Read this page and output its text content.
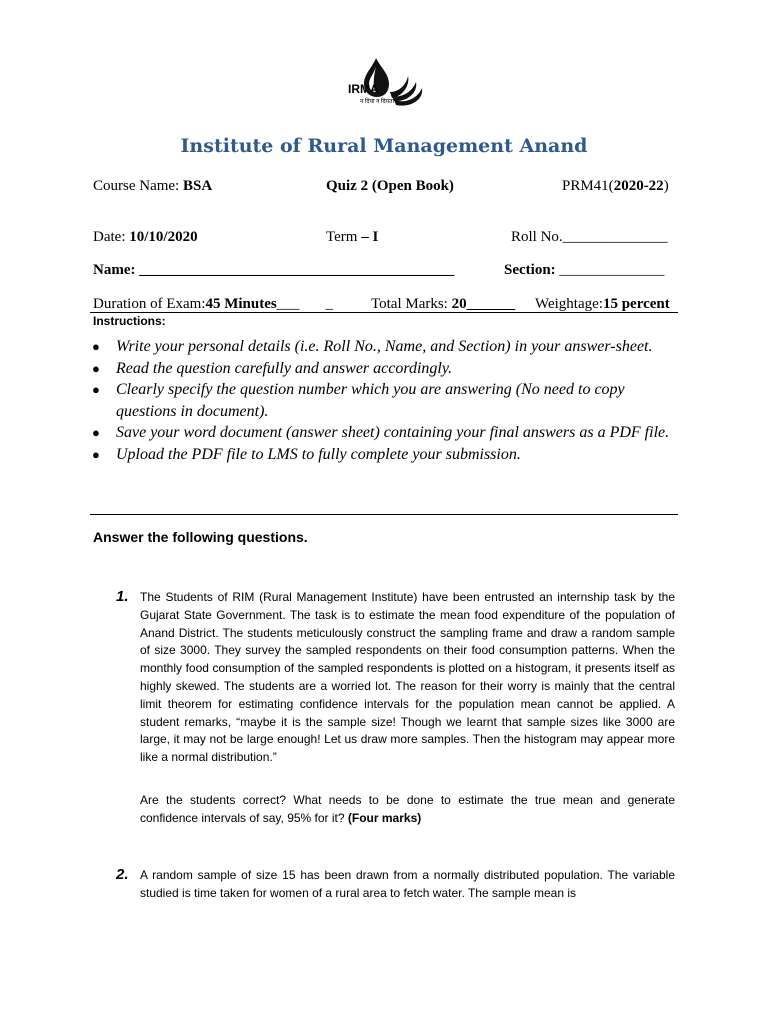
IRMA
न दिया न दियता
Institute of Rural Management Anand
Course Name: BSA	Quiz 2 (Open Book)	PRM41(2020-22)
Date: 10/10/2020	Term – I	Roll No.______________
Name: __________________________________________	Section: ______________
Duration of Exam:45 Minutes___       _	Total Marks: 20	Weightage:15 percent
Instructions:
● Write your personal details (i.e. Roll No., Name, and Section) in your answer-sheet.
● Read the question carefully and answer accordingly.
● Clearly specify the question number which you are answering (No need to copy questions in document).
● Save your word document (answer sheet) containing your final answers as a PDF file.
● Upload the PDF file to LMS to fully complete your submission.
Answer the following questions.
1. The Students of RIM (Rural Management Institute) have been entrusted an internship task by the Gujarat State Government. The task is to estimate the mean food expenditure of the population of Anand District. The students meticulously construct the sampling frame and draw a random sample of size 3000. They survey the sampled respondents on their food consumption patterns. When the monthly food consumption of the sampled respondents is plotted on a histogram, it presents itself as highly skewed. The students are a worried lot. The reason for their worry is mainly that the central limit theorem for estimating confidence intervals for the population mean cannot be applied. A student remarks, “maybe it is the sample size! Though we learnt that sample sizes like 3000 are large, it may not be large enough! Let us draw more samples. Then the histogram may appear more like a normal distribution.”
Are the students correct? What needs to be done to estimate the true mean and generate confidence intervals of say, 95% for it? (Four marks)
2. A random sample of size 15 has been drawn from a normally distributed population. The variable studied is time taken for women of a rural area to fetch water. The sample mean is
